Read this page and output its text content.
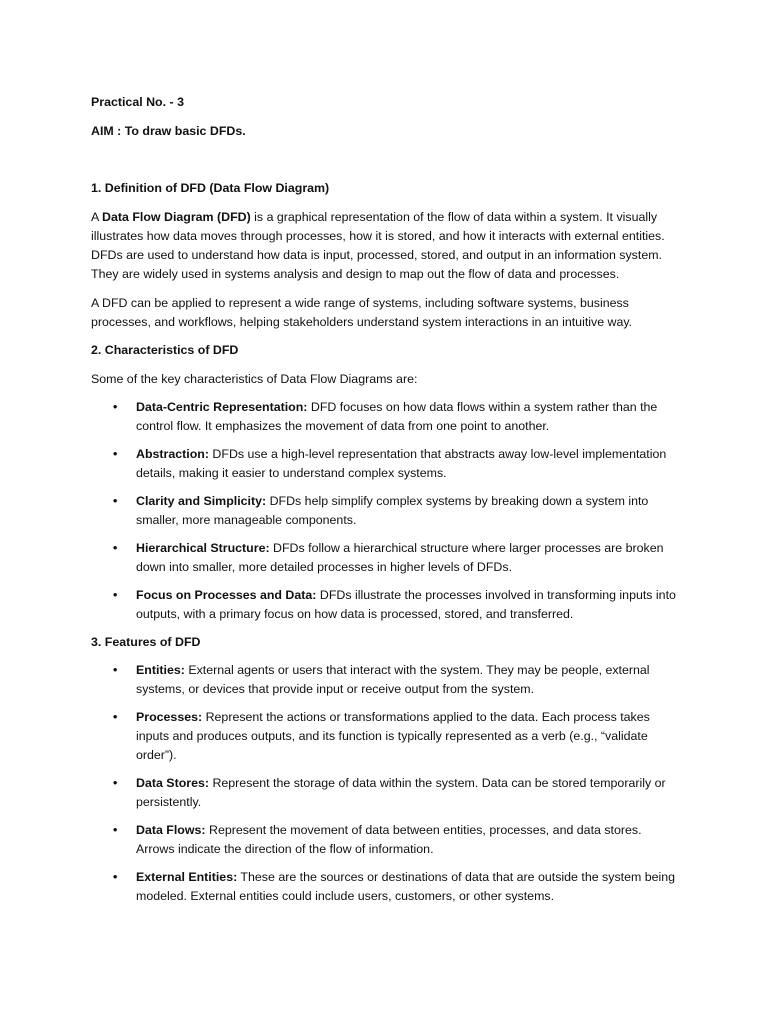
Practical No. - 3

AIM : To draw basic DFDs.

1. Definition of DFD (Data Flow Diagram)

A Data Flow Diagram (DFD) is a graphical representation of the flow of data within a system. It visually illustrates how data moves through processes, how it is stored, and how it interacts with external entities. DFDs are used to understand how data is input, processed, stored, and output in an information system. They are widely used in systems analysis and design to map out the flow of data and processes.

A DFD can be applied to represent a wide range of systems, including software systems, business processes, and workflows, helping stakeholders understand system interactions in an intuitive way.

2. Characteristics of DFD

Some of the key characteristics of Data Flow Diagrams are:

• Data-Centric Representation: DFD focuses on how data flows within a system rather than the control flow. It emphasizes the movement of data from one point to another.
• Abstraction: DFDs use a high-level representation that abstracts away low-level implementation details, making it easier to understand complex systems.
• Clarity and Simplicity: DFDs help simplify complex systems by breaking down a system into smaller, more manageable components.
• Hierarchical Structure: DFDs follow a hierarchical structure where larger processes are broken down into smaller, more detailed processes in higher levels of DFDs.
• Focus on Processes and Data: DFDs illustrate the processes involved in transforming inputs into outputs, with a primary focus on how data is processed, stored, and transferred.

3. Features of DFD

• Entities: External agents or users that interact with the system. They may be people, external systems, or devices that provide input or receive output from the system.
• Processes: Represent the actions or transformations applied to the data. Each process takes inputs and produces outputs, and its function is typically represented as a verb (e.g., “validate order”).
• Data Stores: Represent the storage of data within the system. Data can be stored temporarily or persistently.
• Data Flows: Represent the movement of data between entities, processes, and data stores. Arrows indicate the direction of the flow of information.
• External Entities: These are the sources or destinations of data that are outside the system being modeled. External entities could include users, customers, or other systems.
